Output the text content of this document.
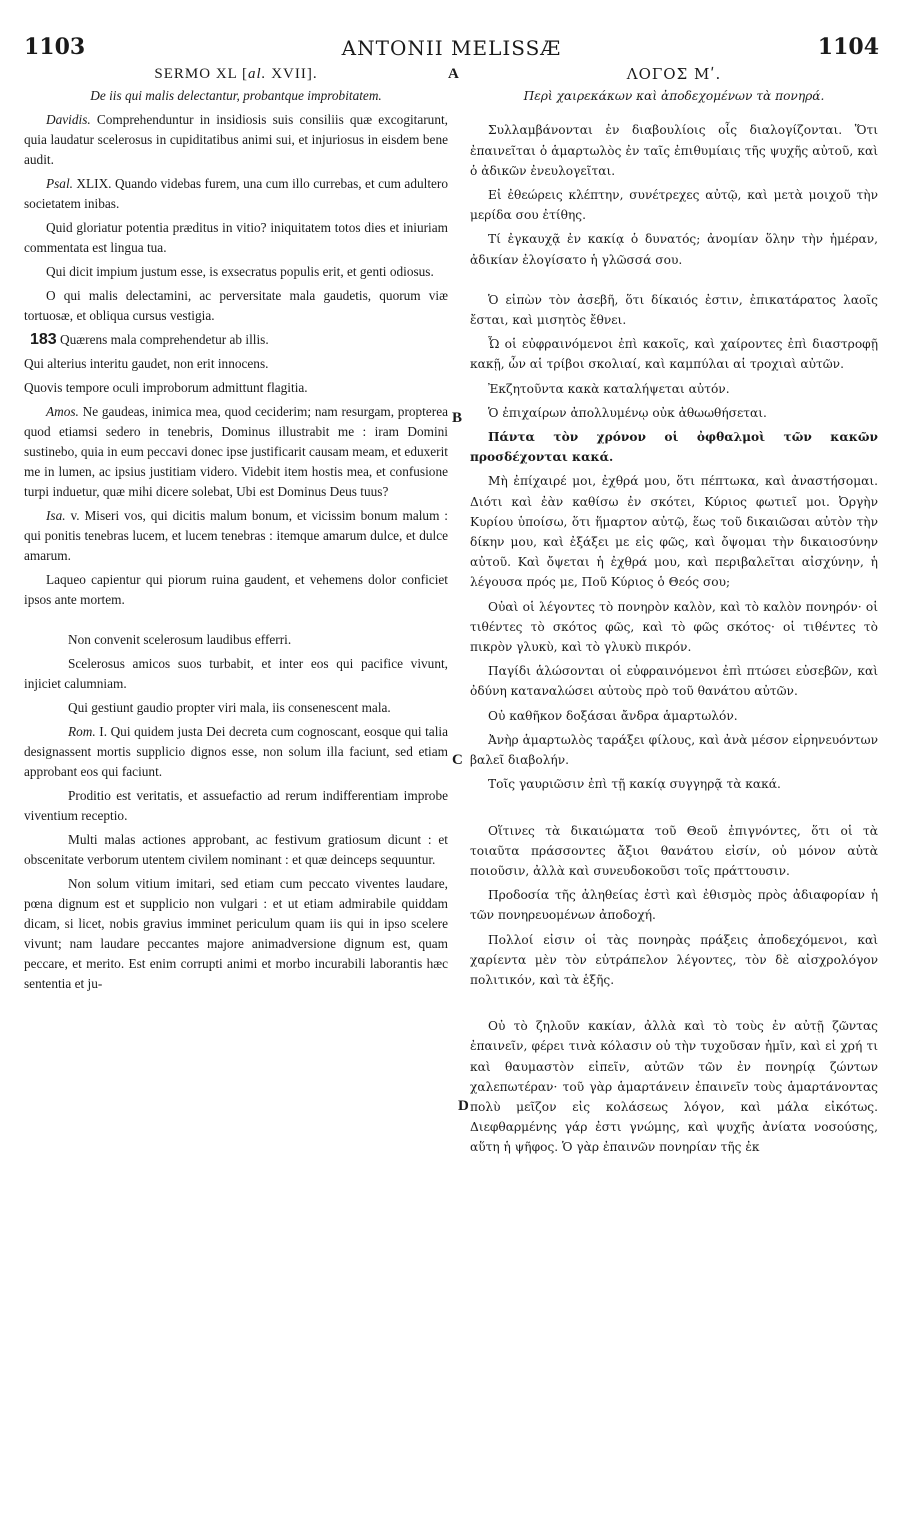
1103	ANTONII MELISSÆ	1104
A
B
C
D
SERMO XL [al. XVII].
De iis qui malis delectantur, probantque improbitatem.

Davidis. Comprehenduntur in insidiosis suis consiliis quæ excogitarunt, quia laudatur scelerosus in cupiditatibus animi sui, et injuriosus in eisdem bene audit.

Psal. XLIX. Quando videbas furem, una cum illo currebas, et cum adultero societatem inibas.

Quid gloriatur potentia præditus in vitio? iniquitatem totos dies et iniuriam commentata est lingua tua.

Qui dicit impium justum esse, is exsecratus populis erit, et genti odiosus.

O qui malis delectamini, ac perversitate mala gaudetis, quorum viæ tortuosæ, et obliqua cursus vestigia.

183 Quærens mala comprehendetur ab illis.

Qui alterius interitu gaudet, non erit innocens.

Quovis tempore oculi improborum admittunt flagitia.

Amos. Ne gaudeas, inimica mea, quod ceciderim; nam resurgam, propterea quod etiamsi sedero in tenebris, Dominus illustrabit me : iram Domini sustinebo, quia in eum peccavi donec ipse justificarit causam meam, et eduxerit me in lumen, ac ipsius justitiam videro. Videbit item hostis mea, et confusione turpi induetur, quæ mihi dicere solebat, Ubi est Dominus Deus tuus?

Isa. v. Miseri vos, qui dicitis malum bonum, et vicissim bonum malum : qui ponitis tenebras lucem, et lucem tenebras : itemque amarum dulce, et dulce amarum.

Laqueo capientur qui piorum ruina gaudent, et vehemens dolor conficiet ipsos ante mortem.

Non convenit scelerosum laudibus efferri.

Scelerosus amicos suos turbabit, et inter eos qui pacifice vivunt, injiciet calumniam.

Qui gestiunt gaudio propter viri mala, iis consenescent mala.

Rom. I. Qui quidem justa Dei decreta cum cognoscant, eosque qui talia designassent mortis supplicio dignos esse, non solum illa faciunt, sed etiam approbant eos qui faciunt.

Proditio est veritatis, et assuefactio ad rerum indifferentiam improbe viventium receptio.

Multi malas actiones approbant, ac festivum gratiosum dicunt : et obscenitate verborum utentem civilem nominant : et quæ deinceps sequuntur.

Non solum vitium imitari, sed etiam cum peccato viventes laudare, pœna dignum est et supplicio non vulgari : et ut etiam admirabile quiddam dicam, si licet, nobis gravius imminet periculum quam iis qui in ipso scelere vivunt; nam laudare peccantes majore animadversione dignum est, quam peccare, et merito. Est enim corrupti animi et morbo incurabili laborantis hæc sententia et ju-

ΛΟΓΟΣ Μʹ.
Περὶ χαιρεκάκων καὶ ἀποδεχομένων τὰ πονηρά.

Συλλαμβάνονται ἐν διαβουλίοις οἷς διαλογίζονται. Ὅτι ἐπαινεῖται ὁ ἁμαρτωλὸς ἐν ταῖς ἐπιθυμίαις τῆς ψυχῆς αὐτοῦ, καὶ ὁ ἀδικῶν ἐνευλογεῖται.

Εἰ ἐθεώρεις κλέπτην, συνέτρεχες αὐτῷ, καὶ μετὰ μοιχοῦ τὴν μερίδα σου ἐτίθης.

Τί ἐγκαυχᾷ ἐν κακίᾳ ὁ δυνατός; ἀνομίαν ὅλην τὴν ἡμέραν, ἀδικίαν ἐλογίσατο ἡ γλῶσσά σου.

Ὁ εἰπὼν τὸν ἀσεβῆ, ὅτι δίκαιός ἐστιν, ἐπικατάρατος λαοῖς ἔσται, καὶ μισητὸς ἔθνει.

Ὦ οἱ εὐφραινόμενοι ἐπὶ κακοῖς, καὶ χαίροντες ἐπὶ διαστροφῇ κακῇ, ὧν αἱ τρίβοι σκολιαί, καὶ καμπύλαι αἱ τροχιαὶ αὐτῶν.

Ἐκζητοῦντα κακὰ καταλήψεται αὐτόν.

Ὁ ἐπιχαίρων ἀπολλυμένῳ οὐκ ἀθωωθήσεται.

Πάντα τὸν χρόνον οἱ ὀφθαλμοὶ τῶν κακῶν προσδέχονται κακά.

Μὴ ἐπίχαιρέ μοι, ἐχθρά μου, ὅτι πέπτωκα, καὶ ἀναστήσομαι. Διότι καὶ ἐὰν καθίσω ἐν σκότει, Κύριος φωτιεῖ μοι. Ὀργὴν Κυρίου ὑποίσω, ὅτι ἥμαρτον αὐτῷ, ἕως τοῦ δικαιῶσαι αὐτὸν τὴν δίκην μου, καὶ ἐξάξει με εἰς φῶς, καὶ ὄψομαι τὴν δικαιοσύνην αὐτοῦ. Καὶ ὄψεται ἡ ἐχθρά μου, καὶ περιβαλεῖται αἰσχύνην, ἡ λέγουσα πρός με, Ποῦ Κύριος ὁ Θεός σου;

Οὐαὶ οἱ λέγοντες τὸ πονηρὸν καλὸν, καὶ τὸ καλὸν πονηρόν· οἱ τιθέντες τὸ σκότος φῶς, καὶ τὸ φῶς σκότος· οἱ τιθέντες τὸ πικρὸν γλυκὺ, καὶ τὸ γλυκὺ πικρόν.

Παγίδι ἁλώσονται οἱ εὐφραινόμενοι ἐπὶ πτώσει εὐσεβῶν, καὶ ὀδύνη καταναλώσει αὐτοὺς πρὸ τοῦ θανάτου αὐτῶν.

Οὐ καθῆκον δοξάσαι ἄνδρα ἁμαρτωλόν.

Ἀνὴρ ἁμαρτωλὸς ταράξει φίλους, καὶ ἀνὰ μέσον εἰρηνευόντων βαλεῖ διαβολήν.

Τοῖς γαυριῶσιν ἐπὶ τῇ κακίᾳ συγγηρᾷ τὰ κακά.

Οἵτινες τὰ δικαιώματα τοῦ Θεοῦ ἐπιγνόντες, ὅτι οἱ τὰ τοιαῦτα πράσσοντες ἄξιοι θανάτου εἰσίν, οὐ μόνον αὐτὰ ποιοῦσιν, ἀλλὰ καὶ συνευδοκοῦσι τοῖς πράττουσιν.

Προδοσία τῆς ἀληθείας ἐστὶ καὶ ἐθισμὸς πρὸς ἀδιαφορίαν ἡ τῶν πονηρευομένων ἀποδοχή.

Πολλοί εἰσιν οἱ τὰς πονηρὰς πράξεις ἀποδεχόμενοι, καὶ χαρίεντα μὲν τὸν εὐτράπελον λέγοντες, τὸν δὲ αἰσχρολόγον πολιτικόν, καὶ τὰ ἑξῆς.

Οὐ τὸ ζηλοῦν κακίαν, ἀλλὰ καὶ τὸ τοὺς ἐν αὐτῇ ζῶντας ἐπαινεῖν, φέρει τινὰ κόλασιν οὐ τὴν τυχοῦσαν ἡμῖν, καὶ εἰ χρή τι καὶ θαυμαστὸν εἰπεῖν, αὐτῶν τῶν ἐν πονηρίᾳ ζώντων χαλεπωτέραν· τοῦ γὰρ ἁμαρτάνειν ἐπαινεῖν τοὺς ἁμαρτάνοντας πολὺ μεῖζον εἰς κολάσεως λόγον, καὶ μάλα εἰκότως. Διεφθαρμένης γάρ ἐστι γνώμης, καὶ ψυχῆς ἀνίατα νοσούσης, αὕτη ἡ ψῆφος. Ὁ γὰρ ἐπαινῶν πονηρίαν τῆς ἐκ
